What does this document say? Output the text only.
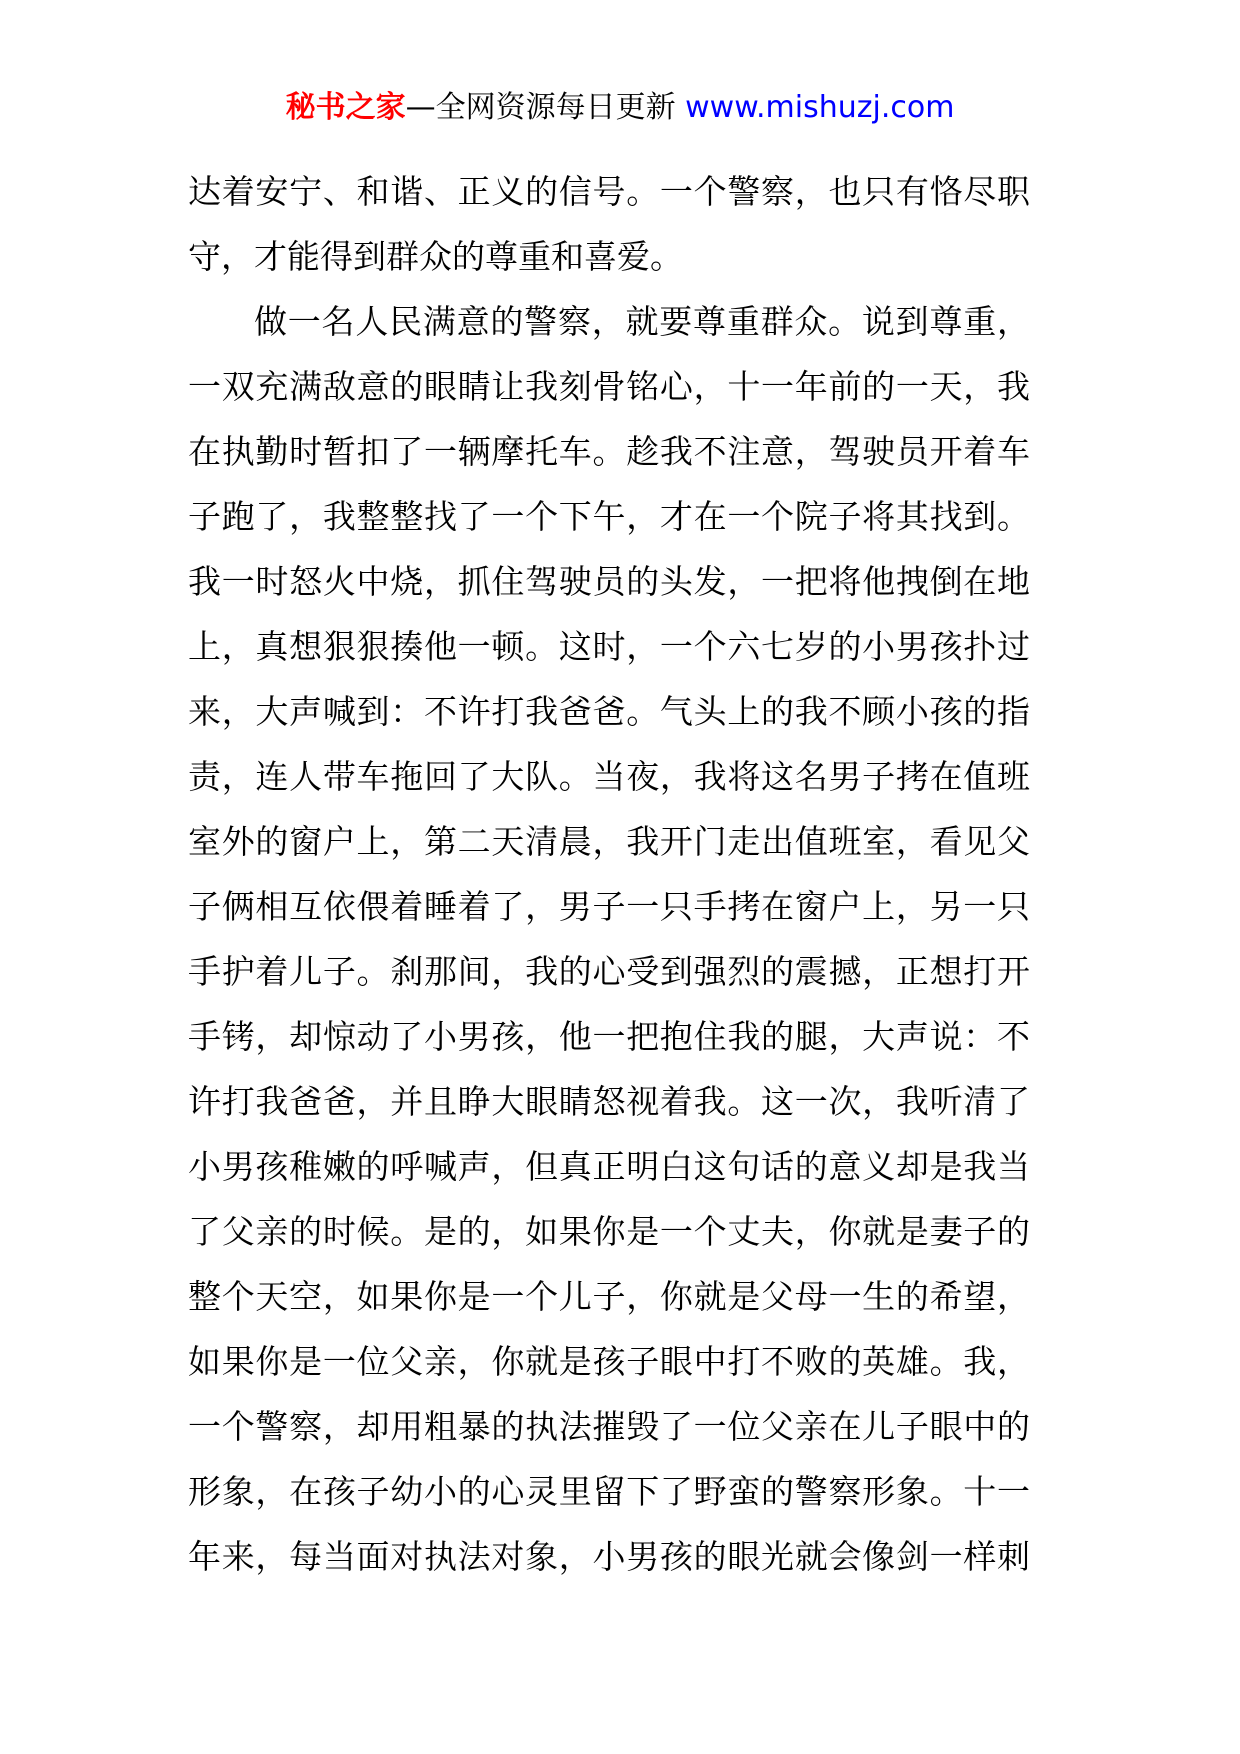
秘书之家—全网资源每日更新 www.mishuzj.com
达着安宁、和谐、正义的信号。一个警察，也只有恪尽职
守，才能得到群众的尊重和喜爱。
做一名人民满意的警察，就要尊重群众。说到尊重，
一双充满敌意的眼睛让我刻骨铭心，十一年前的一天，我
在执勤时暂扣了一辆摩托车。趁我不注意，驾驶员开着车
子跑了，我整整找了一个下午，才在一个院子将其找到。
我一时怒火中烧，抓住驾驶员的头发，一把将他拽倒在地
上，真想狠狠揍他一顿。这时，一个六七岁的小男孩扑过
来，大声喊到：不许打我爸爸。气头上的我不顾小孩的指
责，连人带车拖回了大队。当夜，我将这名男子拷在值班
室外的窗户上，第二天清晨，我开门走出值班室，看见父
子俩相互依偎着睡着了，男子一只手拷在窗户上，另一只
手护着儿子。刹那间，我的心受到强烈的震撼，正想打开
手铐，却惊动了小男孩，他一把抱住我的腿，大声说：不
许打我爸爸，并且睁大眼睛怒视着我。这一次，我听清了
小男孩稚嫩的呼喊声，但真正明白这句话的意义却是我当
了父亲的时候。是的，如果你是一个丈夫，你就是妻子的
整个天空，如果你是一个儿子，你就是父母一生的希望，
如果你是一位父亲，你就是孩子眼中打不败的英雄。我，
一个警察，却用粗暴的执法摧毁了一位父亲在儿子眼中的
形象，在孩子幼小的心灵里留下了野蛮的警察形象。十一
年来，每当面对执法对象，小男孩的眼光就会像剑一样刺
